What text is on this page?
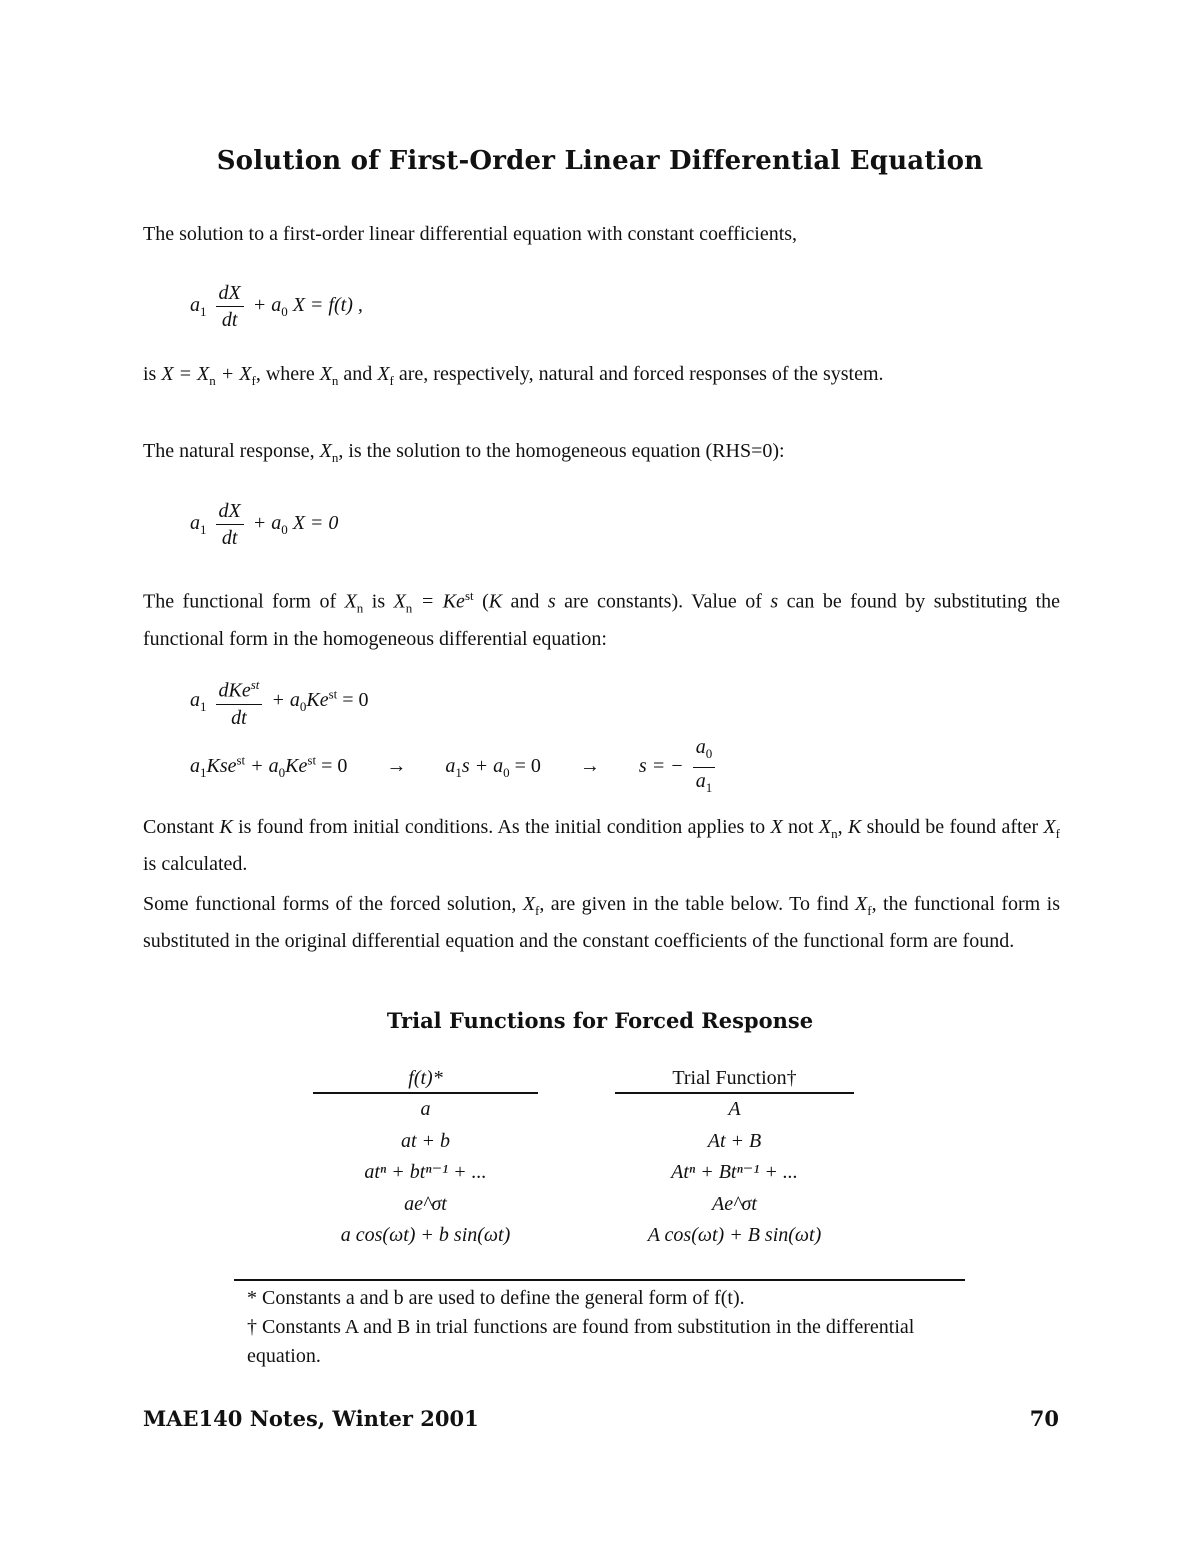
Solution of First-Order Linear Differential Equation
The solution to a first-order linear differential equation with constant coefficients,
$a_1 \frac{dX}{dt} + a_0$ X = f(t) ,
is $X = X_n + X_f$, where $X_n$ and $X_f$ are, respectively, natural and forced responses of the system.
The natural response, $X_n$, is the solution to the homogeneous equation (RHS=0):
$a_1 \frac{dX}{dt} + a_0$ X = 0
The functional form of $X_n$ is $X_n = Ke^{st}$ (K and s are constants). Value of s can be found by substituting the functional form in the homogeneous differential equation:
$a_1 \frac{dKe^{st}}{dt} + a_0Ke^{st} = 0$
$a_1Kse^{st} + a_0Ke^{st} = 0 \to a_1s + a_0 = 0 \to s$ = − $\frac{a_0}{a_1}$
Constant K is found from initial conditions. As the initial condition applies to X not $X_n$, K should be found after $X_f$ is calculated.
Some functional forms of the forced solution, $X_f$, are given in the table below. To find $X_f$, the functional form is substituted in the original differential equation and the constant coefficients of the functional form are found.
Trial Functions for Forced Response
f(t)*
a
at + b
atⁿ + btⁿ⁻¹ + ...
ae^σt
a cos(ωt) + b sin(ωt)
Trial Function†
A
At + B
Atⁿ + Btⁿ⁻¹ + ...
Ae^σt
A cos(ωt) + B sin(ωt)
* Constants a and b are used to define the general form of f(t).
† Constants A and B in trial functions are found from substitution in the differential equation.
MAE140 Notes, Winter 2001	70
